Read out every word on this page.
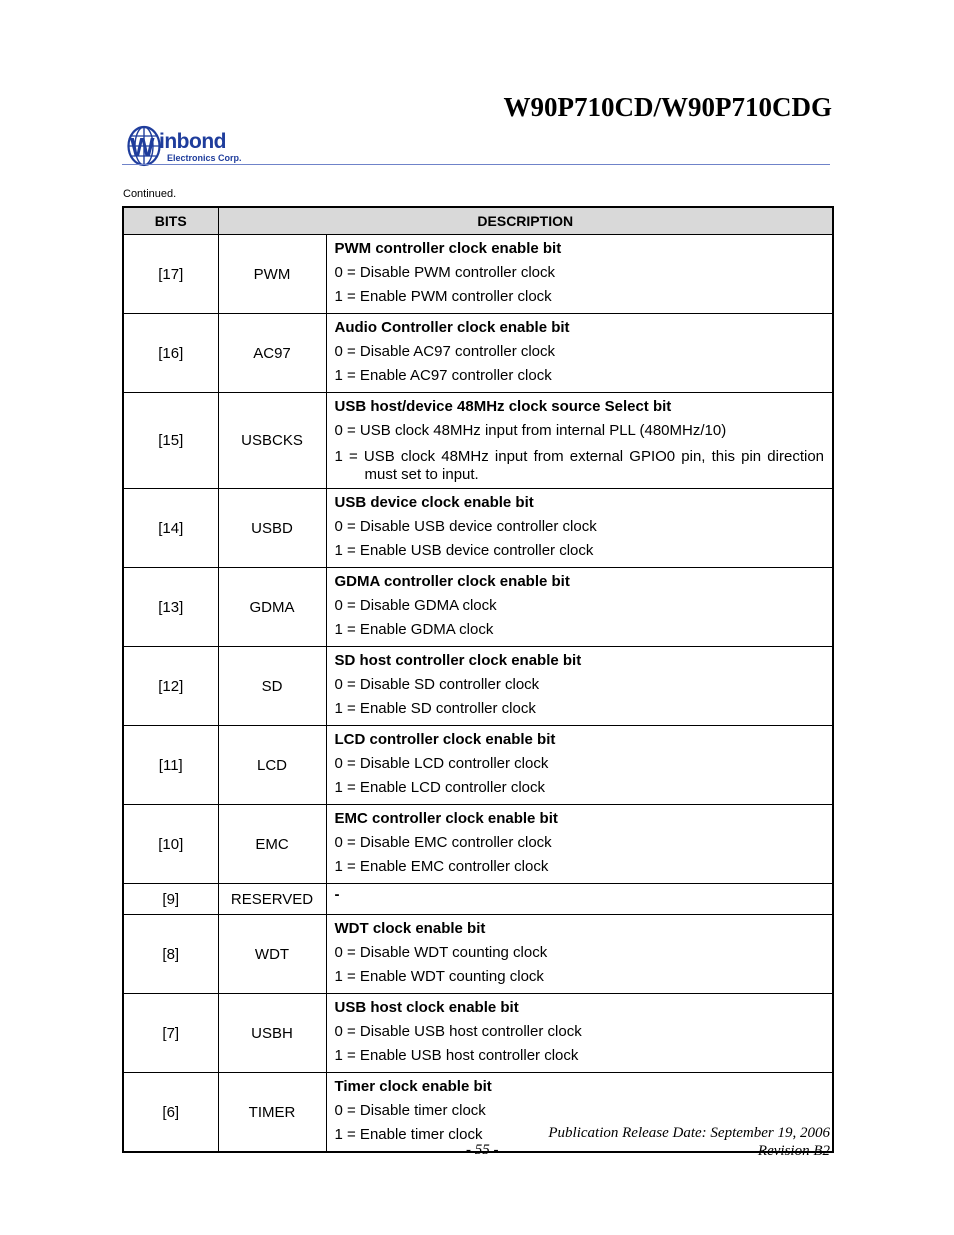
W90P710CD/W90P710CDG
W inbond
Electronics Corp.
Continued.
BITS	DESCRIPTION	
[17]	PWM	PWM controller clock enable bit
0 = Disable PWM controller clock
1 = Enable PWM controller clock

[16]	AC97	Audio Controller clock enable bit
0 = Disable AC97 controller clock
1 = Enable AC97 controller clock

[15]	USBCKS	USB host/device 48MHz clock source Select bit
0 = USB clock 48MHz input from internal PLL (480MHz/10)
1 = USB clock 48MHz input from external GPIO0 pin, this pin direction
must set to input.

[14]	USBD	USB device clock enable bit
0 = Disable USB device controller clock
1 = Enable USB device controller clock

[13]	GDMA	GDMA controller clock enable bit
0 = Disable GDMA clock
1 = Enable GDMA clock

[12]	SD	SD host controller clock enable bit
0 = Disable SD controller clock
1 = Enable SD controller clock

[11]	LCD	LCD controller clock enable bit
0 = Disable LCD controller clock
1 = Enable LCD controller clock

[10]	EMC	EMC controller clock enable bit
0 = Disable EMC controller clock
1 = Enable EMC controller clock

[9]	RESERVED	-
[8]	WDT	WDT clock enable bit
0 = Disable WDT counting clock
1 = Enable WDT counting clock

[7]	USBH	USB host clock enable bit
0 = Disable USB host controller clock
1 = Enable USB host controller clock

[6]	TIMER	Timer clock enable bit
0 = Disable timer clock
1 = Enable timer clock	Publication Release Date: September 19, 2006
Revision B2
- 55 -
